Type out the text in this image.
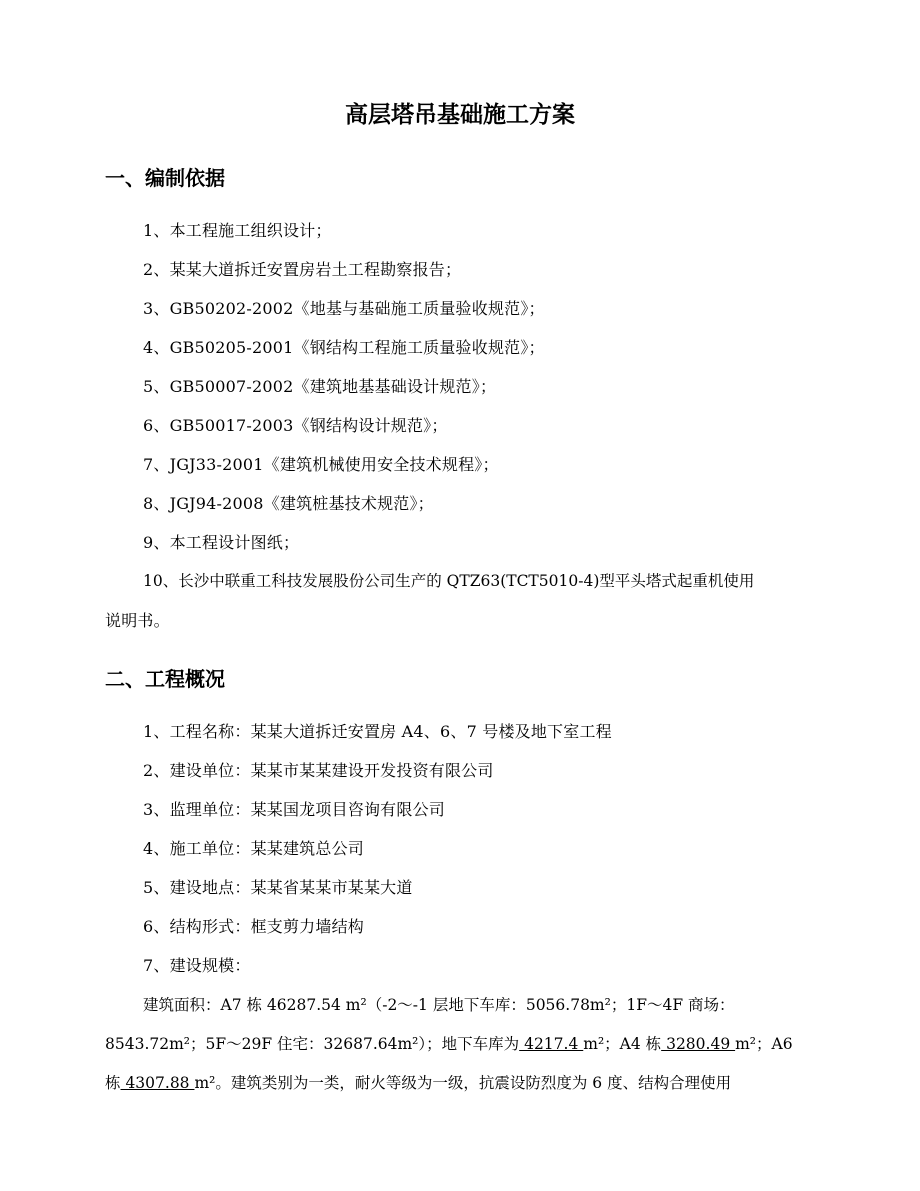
高层塔吊基础施工方案
一、编制依据
1、本工程施工组织设计；
2、某某大道拆迁安置房岩土工程勘察报告；
3、GB50202-2002《地基与基础施工质量验收规范》；
4、GB50205-2001《钢结构工程施工质量验收规范》；
5、GB50007-2002《建筑地基基础设计规范》；
6、GB50017-2003《钢结构设计规范》；
7、JGJ33-2001《建筑机械使用安全技术规程》；
8、JGJ94-2008《建筑桩基技术规范》；
9、本工程设计图纸；
10、长沙中联重工科技发展股份公司生产的 QTZ63(TCT5010-4)型平头塔式起重机使用
说明书。
二、工程概况
1、工程名称：某某大道拆迁安置房 A4、6、7 号楼及地下室工程
2、建设单位：某某市某某建设开发投资有限公司
3、监理单位：某某国龙项目咨询有限公司
4、施工单位：某某建筑总公司
5、建设地点：某某省某某市某某大道
6、结构形式：框支剪力墙结构
7、建设规模：
建筑面积：A7 栋 46287.54 m²（-2～-1 层地下车库：5056.78m²；1F～4F 商场：
8543.72m²；5F～29F 住宅：32687.64m²）；地下车库为 4217.4 m²；A4 栋 3280.49 m²；A6
栋 4307.88 m²。建筑类别为一类，耐火等级为一级，抗震设防烈度为 6 度、结构合理使用
